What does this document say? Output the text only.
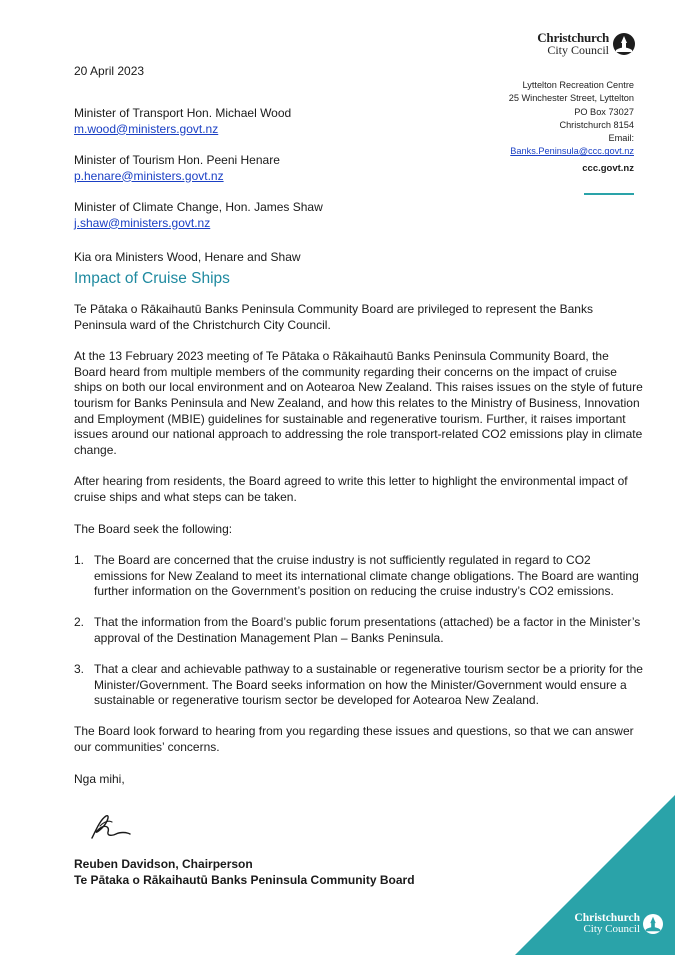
Christchurch
City Council
20 April 2023
Lyttelton Recreation Centre
25 Winchester Street, Lyttelton
PO Box 73027
Christchurch 8154
Email:
Banks.Peninsula@ccc.govt.nz
ccc.govt.nz
Minister of Transport Hon. Michael Wood
m.wood@ministers.govt.nz
Minister of Tourism Hon. Peeni Henare
p.henare@ministers.govt.nz
Minister of Climate Change, Hon. James Shaw
j.shaw@ministers.govt.nz
Kia ora Ministers Wood, Henare and Shaw
Impact of Cruise Ships

Te Pātaka o Rākaihautū Banks Peninsula Community Board are privileged to represent the Banks Peninsula ward of the Christchurch City Council.

At the 13 February 2023 meeting of Te Pātaka o Rākaihautū Banks Peninsula Community Board, the Board heard from multiple members of the community regarding their concerns on the impact of cruise ships on both our local environment and on Aotearoa New Zealand. This raises issues on the style of future tourism for Banks Peninsula and New Zealand, and how this relates to the Ministry of Business, Innovation and Employment (MBIE) guidelines for sustainable and regenerative tourism. Further, it raises important issues around our national approach to addressing the role transport-related CO2 emissions play in climate change.

After hearing from residents, the Board agreed to write this letter to highlight the environmental impact of cruise ships and what steps can be taken.

The Board seek the following:

1. The Board are concerned that the cruise industry is not sufficiently regulated in regard to CO2 emissions for New Zealand to meet its international climate change obligations. The Board are wanting further information on the Government’s position on reducing the cruise industry’s CO2 emissions.
2. That the information from the Board’s public forum presentations (attached) be a factor in the Minister’s approval of the Destination Management Plan – Banks Peninsula.
3. That a clear and achievable pathway to a sustainable or regenerative tourism sector be a priority for the Minister/Government. The Board seeks information on how the Minister/Government would ensure a sustainable or regenerative tourism sector be developed for Aotearoa New Zealand.

The Board look forward to hearing from you regarding these issues and questions, so that we can answer our communities’ concerns.

Nga mihi,

Reuben Davidson, Chairperson
Te Pātaka o Rākaihautū Banks Peninsula Community Board
Christchurch
City Council
